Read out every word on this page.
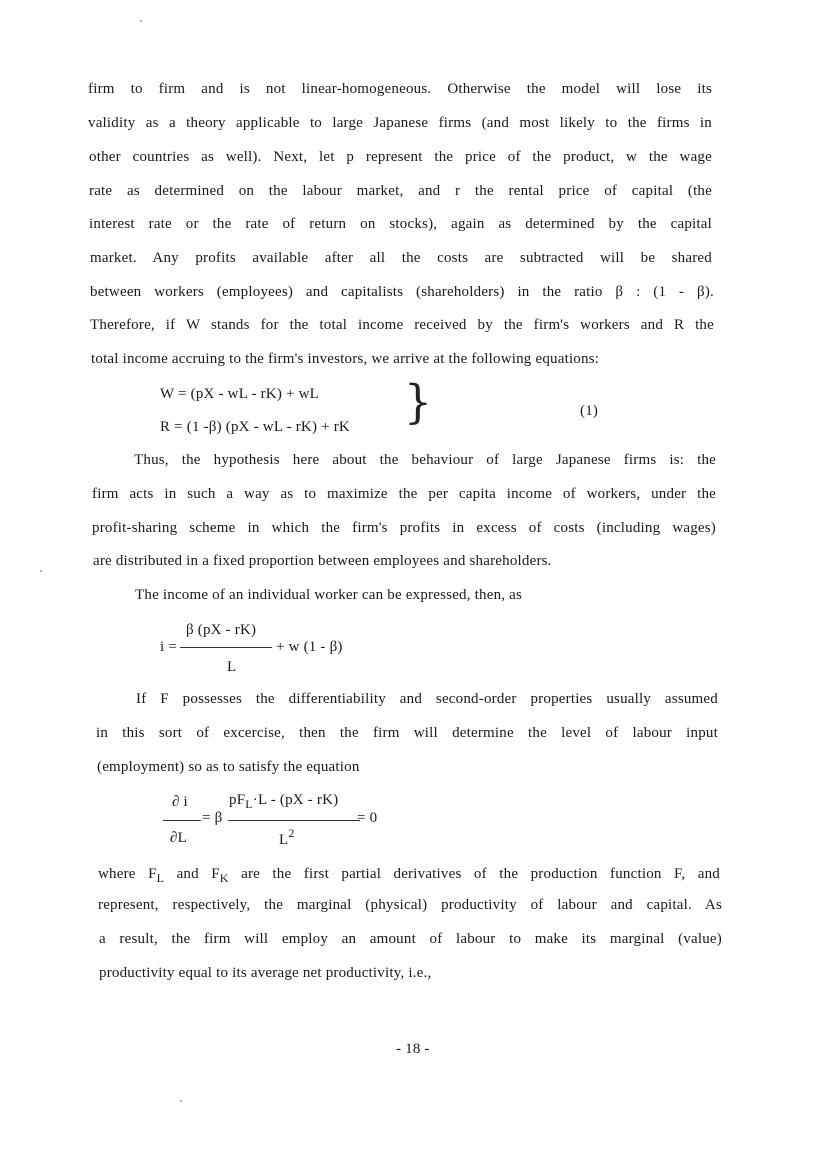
firm to firm and is not linear-homogeneous. Otherwise the model will lose its
validity as a theory applicable to large Japanese firms (and most likely to the firms in
other countries as well). Next, let p represent the price of the product, w the wage
rate as determined on the labour market, and r the rental price of capital (the
interest rate or the rate of return on stocks), again as determined by the capital
market. Any profits available after all the costs are subtracted will be shared
between workers (employees) and capitalists (shareholders) in the ratio β : (1 - β).
Therefore, if W stands for the total income received by the firm's workers and R the
total income accruing to the firm's investors, we arrive at the following equations:
W = (pX - wL - rK) + wL
R = (1 -β) (pX - wL - rK) + rK }	(1)
Thus, the hypothesis here about the behaviour of large Japanese firms is: the
firm acts in such a way as to maximize the per capita income of workers, under the
profit-sharing scheme in which the firm's profits in excess of costs (including wages)
are distributed in a fixed proportion between employees and shareholders.
The income of an individual worker can be expressed, then, as
β (pX - rK)
i =	+ w (1 - β)
L
If F possesses the differentiability and second-order properties usually assumed
in this sort of excercise, then the firm will determine the level of labour input
(employment) so as to satisfy the equation
∂ i
∂L
= β
$pF_L\cdot L - (pX - rK)$
$L^2$
= 0
where $F_L$ and $F_K$ are the first partial derivatives of the production function F, and
represent, respectively, the marginal (physical) productivity of labour and capital. As
a result, the firm will employ an amount of labour to make its marginal (value)
productivity equal to its average net productivity, i.e.,
- 18 -
